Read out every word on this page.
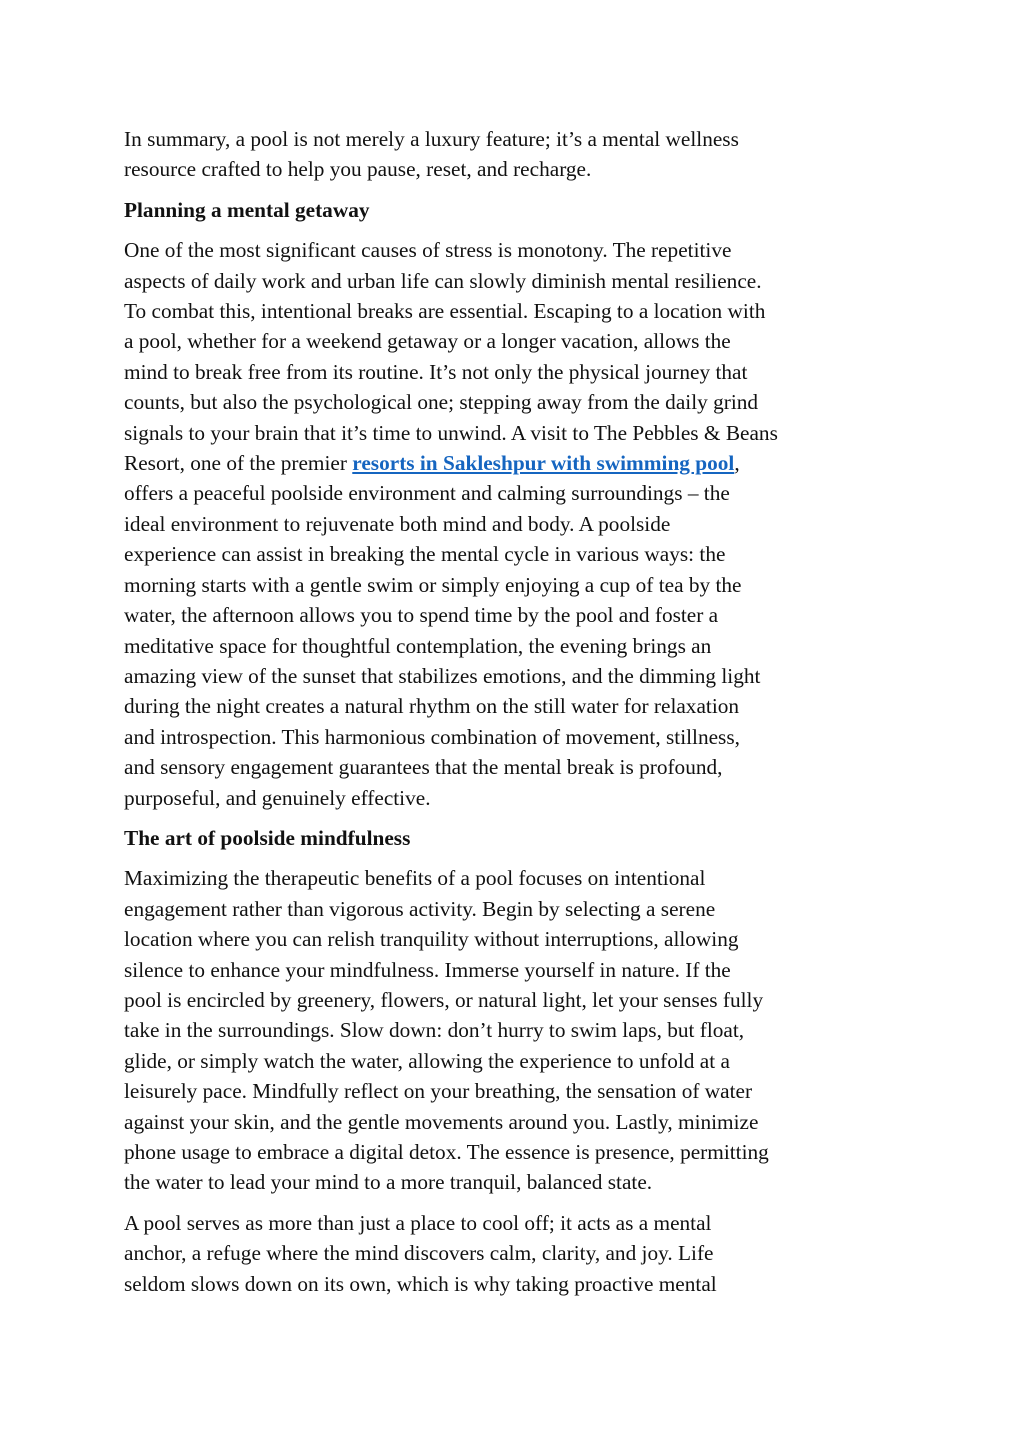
In summary, a pool is not merely a luxury feature; it’s a mental wellness
resource crafted to help you pause, reset, and recharge.

Planning a mental getaway

One of the most significant causes of stress is monotony. The repetitive
aspects of daily work and urban life can slowly diminish mental resilience.
To combat this, intentional breaks are essential. Escaping to a location with
a pool, whether for a weekend getaway or a longer vacation, allows the
mind to break free from its routine. It’s not only the physical journey that
counts, but also the psychological one; stepping away from the daily grind
signals to your brain that it’s time to unwind. A visit to The Pebbles & Beans
Resort, one of the premier resorts in Sakleshpur with swimming pool,
offers a peaceful poolside environment and calming surroundings – the
ideal environment to rejuvenate both mind and body. A poolside
experience can assist in breaking the mental cycle in various ways: the
morning starts with a gentle swim or simply enjoying a cup of tea by the
water, the afternoon allows you to spend time by the pool and foster a
meditative space for thoughtful contemplation, the evening brings an
amazing view of the sunset that stabilizes emotions, and the dimming light
during the night creates a natural rhythm on the still water for relaxation
and introspection. This harmonious combination of movement, stillness,
and sensory engagement guarantees that the mental break is profound,
purposeful, and genuinely effective.

The art of poolside mindfulness

Maximizing the therapeutic benefits of a pool focuses on intentional
engagement rather than vigorous activity. Begin by selecting a serene
location where you can relish tranquility without interruptions, allowing
silence to enhance your mindfulness. Immerse yourself in nature. If the
pool is encircled by greenery, flowers, or natural light, let your senses fully
take in the surroundings. Slow down: don’t hurry to swim laps, but float,
glide, or simply watch the water, allowing the experience to unfold at a
leisurely pace. Mindfully reflect on your breathing, the sensation of water
against your skin, and the gentle movements around you. Lastly, minimize
phone usage to embrace a digital detox. The essence is presence, permitting
the water to lead your mind to a more tranquil, balanced state.

A pool serves as more than just a place to cool off; it acts as a mental
anchor, a refuge where the mind discovers calm, clarity, and joy. Life
seldom slows down on its own, which is why taking proactive mental
